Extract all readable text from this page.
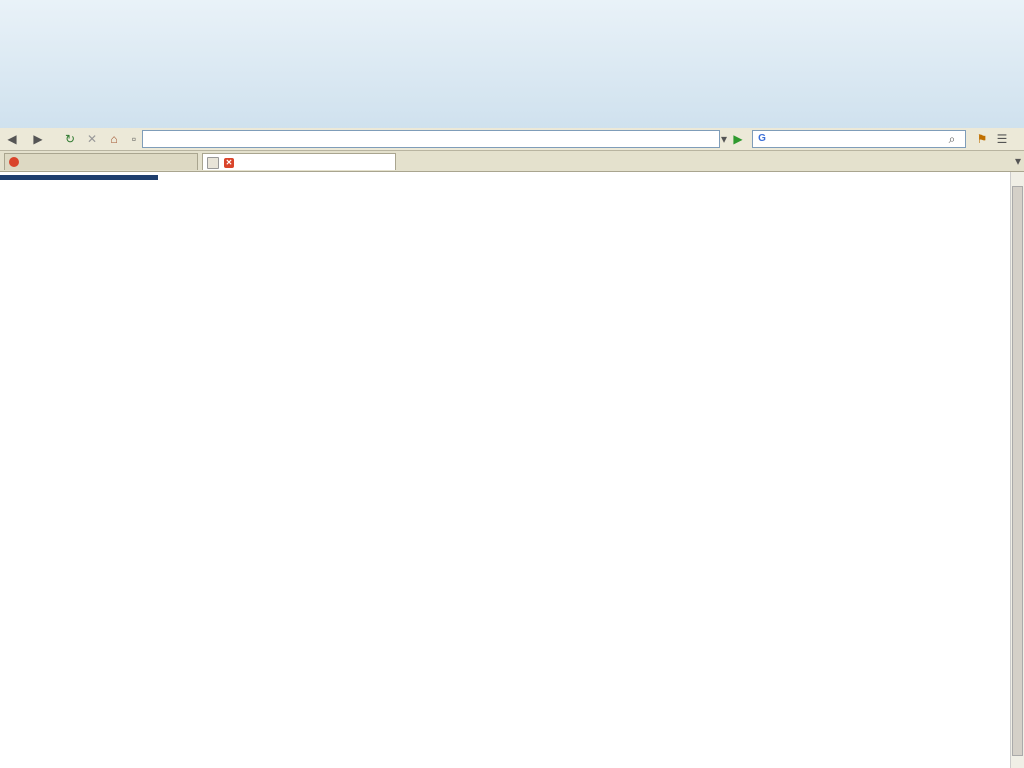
◀ ▶ ↻ ✕	⌂	▫	▾ ▶	G	⌕	⚑ ☰
✕	▾
